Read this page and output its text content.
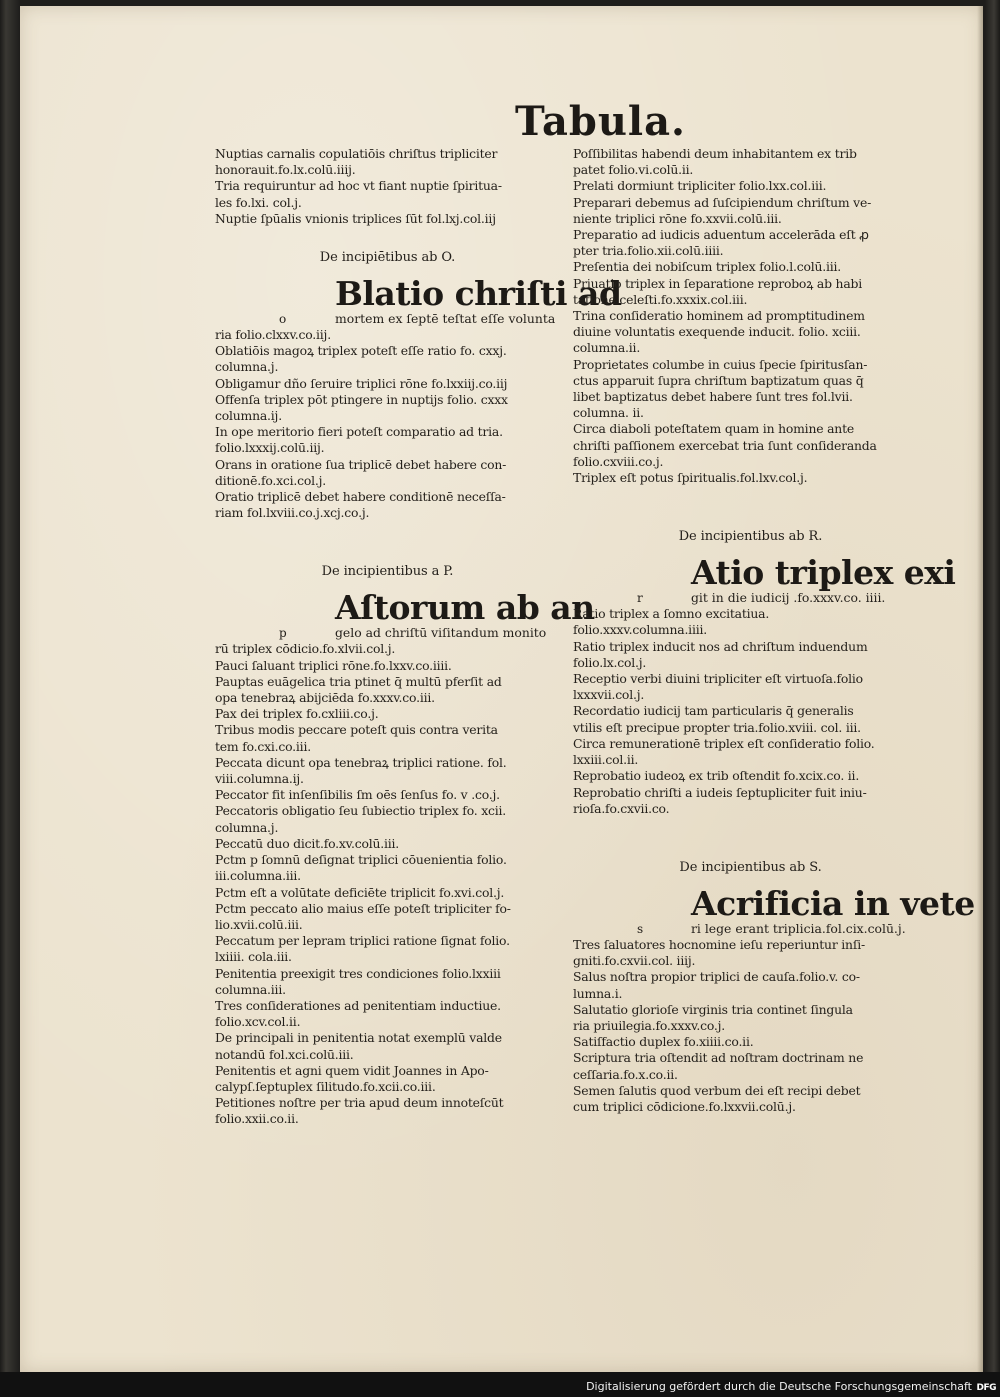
Tabula.
Nuptias carnalis copulatiōis chriſtus tripliciter
honorauit.fo.lx.colū.iiij.
Tria requiruntur ad hoc vt fiant nuptie ſpiritua-
les fo.lxi. col.j.
Nuptie ſpūalis vnionis triplices ſūt fol.lxj.col.iij
De incipiētibus ab O.
Blatio chriſti ad
o	mortem ex ſeptē teſtat eſſe volunta
ria folio.clxxv.co.iij.
Oblatiōis magoꝝ triplex poteſt eſſe ratio fo. cxxj.
columna.j.
Obligamur dño ſeruire triplici rōne fo.lxxiij.co.iij
Offenſa triplex pōt ptingere in nuptijs folio. cxxx
columna.ij.
In ope meritorio fieri poteſt comparatio ad tria.
folio.lxxxij.colū.iij.
Orans in oratione ſua triplicē debet habere con-
ditionē.fo.xci.col.j.
Oratio triplicē debet habere conditionē neceſſa-
riam fol.lxviii.co.j.xcj.co.j.
De incipientibus a P.
Aſtorum ab an
p	gelo ad chriſtū viſitandum monito
rū triplex cōdicio.fo.xlvii.col.j.
Pauci ſaluant triplici rōne.fo.lxxv.co.iiii.
Pauptas euāgelica tria ptinet q̄ multū pferſit ad
opa tenebraꝝ abijciēda fo.xxxv.co.iii.
Pax dei triplex fo.cxliii.co.j.
Tribus modis peccare poteſt quis contra verita
tem fo.cxi.co.iii.
Peccata dicunt opa tenebraꝝ triplici ratione. fol.
viii.columna.ij.
Peccator fit inſenſibilis ſm oēs ſenſus fo. v .co.j.
Peccatoris obligatio ſeu ſubiectio triplex fo. xcii.
columna.j.
Peccatū duo dicit.fo.xv.colū.iii.
Pctm p ſomnū deſignat triplici cōuenientia folio.
iii.columna.iii.
Pctm eſt a volūtate deficiēte triplicit fo.xvi.col.j.
Pctm peccato alio maius eſſe poteſt tripliciter fo-
lio.xvii.colū.iii.
Peccatum per lepram triplici ratione ſignat folio.
lxiiii. cola.iii.
Penitentia preexigit tres condiciones folio.lxxiii
columna.iii.
Tres conſiderationes ad penitentiam inductiue.
folio.xcv.col.ii.
De principali in penitentia notat exemplū valde
notandū fol.xci.colū.iii.
Penitentis et agni quem vidit Joannes in Apo-
calypſ.ſeptuplex ſilitudo.fo.xcii.co.iii.
Petitiones noſtre per tria apud deum innoteſcūt
folio.xxii.co.ii.
Poſſibilitas habendi deum inhabitantem ex trib
patet folio.vi.colū.ii.
Prelati dormiunt tripliciter folio.lxx.col.iii.
Preparari debemus ad ſuſcipiendum chriſtum ve-
niente triplici rōne fo.xxvii.colū.iii.
Preparatio ad iudicis aduentum accelerāda eſt ꝓ
pter tria.folio.xii.colū.iiii.
Preſentia dei nobiſcum triplex folio.l.colū.iii.
Priuatio triplex in ſeparatione reproboꝝ ab habi
tatione celeſti.fo.xxxix.col.iii.
Trina conſideratio hominem ad promptitudinem
diuine voluntatis exequende inducit. folio. xciii.
columna.ii.
Proprietates columbe in cuius ſpecie ſpiritusſan-
ctus apparuit ſupra chriſtum baptizatum quas q̄
libet baptizatus debet habere ſunt tres fol.lvii.
columna. ii.
Circa diaboli poteſtatem quam in homine ante
chriſti paſſionem exercebat tria ſunt conſideranda
folio.cxviii.co.j.
Triplex eſt potus ſpiritualis.fol.lxv.col.j.
De incipientibus ab R.
Atio triplex exi
r	git in die iudicij .fo.xxxv.co. iiii.
Ratio triplex a ſomno excitatiua.
folio.xxxv.columna.iiii.
Ratio triplex inducit nos ad chriſtum induendum
folio.lx.col.j.
Receptio verbi diuini tripliciter eſt virtuoſa.folio
lxxxvii.col.j.
Recordatio iudicij tam particularis q̄ generalis
vtilis eſt precipue propter tria.folio.xviii. col. iii.
Circa remunerationē triplex eſt conſideratio folio.
lxxiii.col.ii.
Reprobatio iudeoꝝ ex trib oſtendit fo.xcix.co. ii.
Reprobatio chriſti a iudeis ſeptupliciter fuit iniu-
rioſa.fo.cxvii.co.
De incipientibus ab S.
Acrificia in vete
s	ri lege erant triplicia.fol.cix.colū.j.
Tres ſaluatores hocnomine ieſu reperiuntur inſi-
gniti.fo.cxvii.col. iiij.
Salus noſtra propior triplici de cauſa.folio.v. co-
lumna.i.
Salutatio glorioſe virginis tria continet ſingula
ria priuilegia.fo.xxxv.co.j.
Satiſfactio duplex fo.xiiii.co.ii.
Scriptura tria oſtendit ad noſtram doctrinam ne
ceſſaria.fo.x.co.ii.
Semen ſalutis quod verbum dei eſt recipi debet
cum triplici cōdicione.fo.lxxvii.colū.j.
Digitalisierung gefördert durch die Deutsche Forschungsgemeinschaft DFG
